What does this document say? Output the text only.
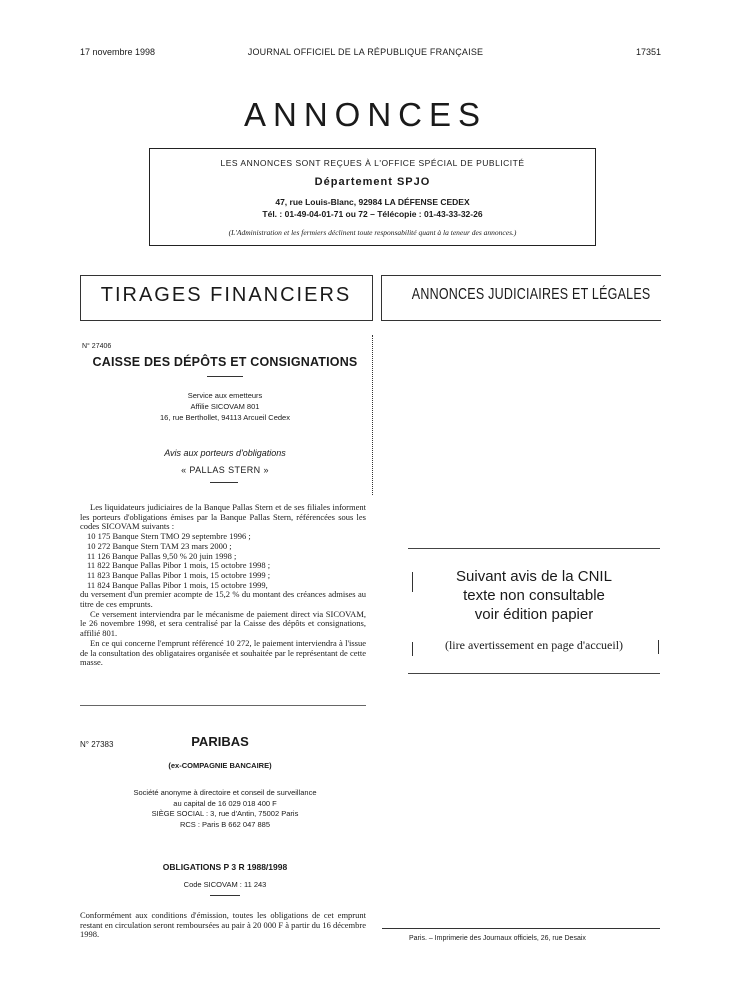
17 novembre 1998	JOURNAL OFFICIEL DE LA RÉPUBLIQUE FRANÇAISE	17351
ANNONCES
LES ANNONCES SONT REÇUES À L'OFFICE SPÉCIAL DE PUBLICITÉ
Département SPJO
47, rue Louis-Blanc, 92984 LA DÉFENSE CEDEX
Tél. : 01-49-04-01-71 ou 72 – Télécopie : 01-43-33-32-26
(L'Administration et les fermiers déclinent toute responsabilité quant à la teneur des annonces.)
TIRAGES FINANCIERS	ANNONCES JUDICIAIRES ET LÉGALES
N° 27406
CAISSE DES DÉPÔTS ET CONSIGNATIONS
Service aux emetteurs
Affilie SICOVAM 801
16, rue Berthollet, 94113 Arcueil Cedex
Avis aux porteurs d'obligations
« PALLAS STERN »

Les liquidateurs judiciaires de la Banque Pallas Stern et de ses filiales informent les porteurs d'obligations émises par la Banque Pallas Stern, référencées sous les codes SICOVAM suivants :

10 175 Banque Stern TMO 29 septembre 1996 ;
10 272 Banque Stern TAM 23 mars 2000 ;
11 126 Banque Pallas 9,50 % 20 juin 1998 ;
11 822 Banque Pallas Pibor 1 mois, 15 octobre 1998 ;
11 823 Banque Pallas Pibor 1 mois, 15 octobre 1999 ;
11 824 Banque Pallas Pibor 1 mois, 15 octobre 1999,
du versement d'un premier acompte de 15,2 % du montant des créances admises au titre de ces emprunts.

Ce versement interviendra par le mécanisme de paiement direct via SICOVAM, le 26 novembre 1998, et sera centralisé par la Caisse des dépôts et consignations, affilié 801.

En ce qui concerne l'emprunt référencé 10 272, le paiement interviendra à l'issue de la consultation des obligataires organisée et souhaitée par le représentant de cette masse.

N° 27383	PARIBAS
(ex-COMPAGNIE BANCAIRE)
Société anonyme à directoire et conseil de surveillance
au capital de 16 029 018 400 F
SIÈGE SOCIAL : 3, rue d'Antin, 75002 Paris
RCS : Paris B 662 047 885
OBLIGATIONS P 3 R 1988/1998
Code SICOVAM : 11 243
Conformément aux conditions d'émission, toutes les obligations de cet emprunt restant en circulation seront remboursées au pair à 20 000 F à partir du 16 décembre 1998.
Suivant avis de la CNIL
texte non consultable
voir édition papier
(lire avertissement en page d'accueil)
Paris. – Imprimerie des Journaux officiels, 26, rue Desaix
